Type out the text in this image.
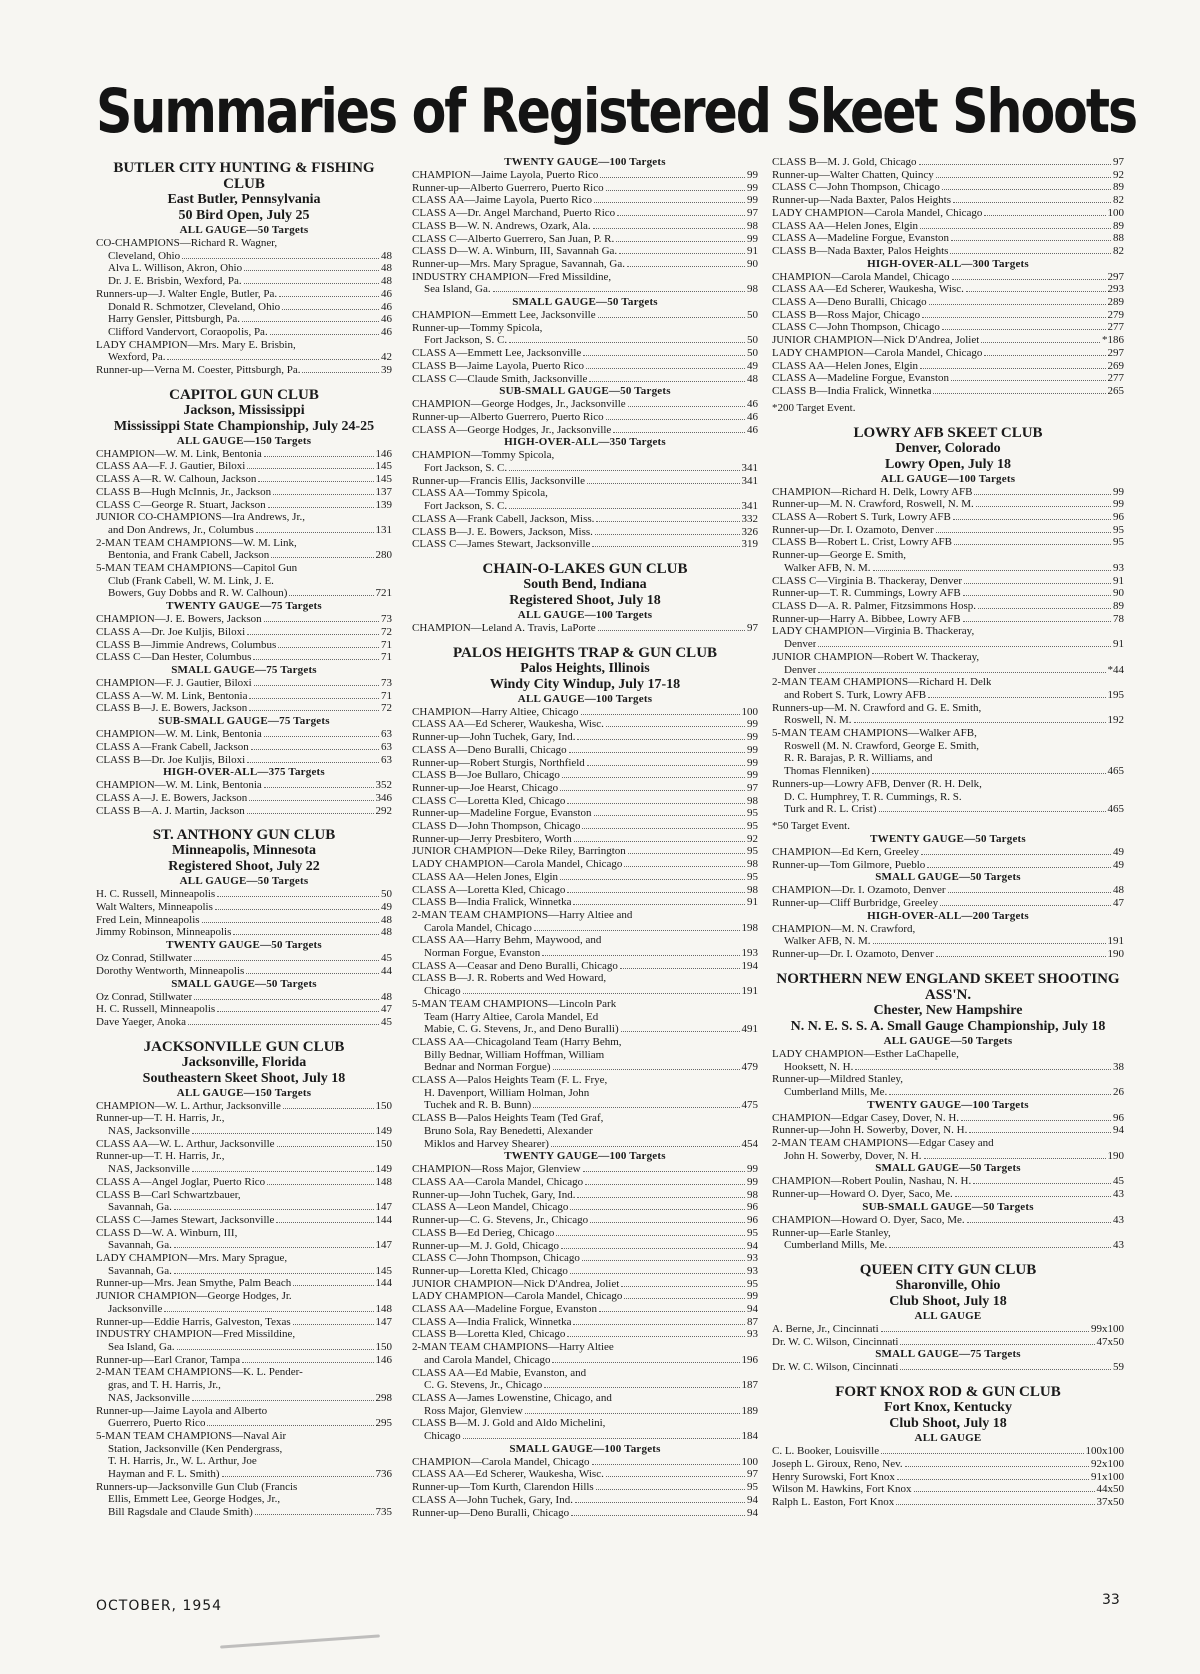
Summaries of Registered Skeet Shoots
BUTLER CITY HUNTING & FISHING CLUB
East Butler, Pennsylvania
50 Bird Open, July 25
ALL GAUGE—50 Targets
CO-CHAMPIONS—Richard R. Wagner,
Cleveland, Ohio	48
Alva L. Willison, Akron, Ohio	48
Dr. J. E. Brisbin, Wexford, Pa.	48
Runners-up—J. Walter Engle, Butler, Pa.	46
Donald R. Schmotzer, Cleveland, Ohio	46
Harry Gensler, Pittsburgh, Pa.	46
Clifford Vandervort, Coraopolis, Pa.	46
LADY CHAMPION—Mrs. Mary E. Brisbin,
Wexford, Pa.	42
Runner-up—Verna M. Coester, Pittsburgh, Pa.	39
CAPITOL GUN CLUB
Jackson, Mississippi
Mississippi State Championship, July 24-25
ALL GAUGE—150 Targets
CHAMPION—W. M. Link, Bentonia	146
CLASS AA—F. J. Gautier, Biloxi	145
CLASS A—R. W. Calhoun, Jackson	145
CLASS B—Hugh McInnis, Jr., Jackson	137
CLASS C—George R. Stuart, Jackson	139
JUNIOR CO-CHAMPIONS—Ira Andrews, Jr.,
and Don Andrews, Jr., Columbus	131
2-MAN TEAM CHAMPIONS—W. M. Link,
Bentonia, and Frank Cabell, Jackson	280
5-MAN TEAM CHAMPIONS—Capitol Gun
Club (Frank Cabell, W. M. Link, J. E.
Bowers, Guy Dobbs and R. W. Calhoun)	721
TWENTY GAUGE—75 Targets
CHAMPION—J. E. Bowers, Jackson	73
CLASS A—Dr. Joe Kuljis, Biloxi	72
CLASS B—Jimmie Andrews, Columbus	71
CLASS C—Dan Hester, Columbus	71
SMALL GAUGE—75 Targets
CHAMPION—F. J. Gautier, Biloxi	73
CLASS A—W. M. Link, Bentonia	71
CLASS B—J. E. Bowers, Jackson	72
SUB-SMALL GAUGE—75 Targets
CHAMPION—W. M. Link, Bentonia	63
CLASS A—Frank Cabell, Jackson	63
CLASS B—Dr. Joe Kuljis, Biloxi	63
HIGH-OVER-ALL—375 Targets
CHAMPION—W. M. Link, Bentonia	352
CLASS A—J. E. Bowers, Jackson	346
CLASS B—A. J. Martin, Jackson	292
ST. ANTHONY GUN CLUB
Minneapolis, Minnesota
Registered Shoot, July 22
ALL GAUGE—50 Targets
H. C. Russell, Minneapolis	50
Walt Walters, Minneapolis	49
Fred Lein, Minneapolis	48
Jimmy Robinson, Minneapolis	48
TWENTY GAUGE—50 Targets
Oz Conrad, Stillwater	45
Dorothy Wentworth, Minneapolis	44
SMALL GAUGE—50 Targets
Oz Conrad, Stillwater	48
H. C. Russell, Minneapolis	47
Dave Yaeger, Anoka	45
JACKSONVILLE GUN CLUB
Jacksonville, Florida
Southeastern Skeet Shoot, July 18
ALL GAUGE—150 Targets
CHAMPION—W. L. Arthur, Jacksonville	150
Runner-up—T. H. Harris, Jr.,
NAS, Jacksonville	149
CLASS AA—W. L. Arthur, Jacksonville	150
Runner-up—T. H. Harris, Jr.,
NAS, Jacksonville	149
CLASS A—Angel Joglar, Puerto Rico	148
CLASS B—Carl Schwartzbauer,
Savannah, Ga.	147
CLASS C—James Stewart, Jacksonville	144
CLASS D—W. A. Winburn, III,
Savannah, Ga.	147
LADY CHAMPION—Mrs. Mary Sprague,
Savannah, Ga.	145
Runner-up—Mrs. Jean Smythe, Palm Beach	144
JUNIOR CHAMPION—George Hodges, Jr.
Jacksonville	148
Runner-up—Eddie Harris, Galveston, Texas	147
INDUSTRY CHAMPION—Fred Missildine,
Sea Island, Ga.	150
Runner-up—Earl Cranor, Tampa	146
2-MAN TEAM CHAMPIONS—K. L. Pender-
gras, and T. H. Harris, Jr.,
NAS, Jacksonville	298
Runner-up—Jaime Layola and Alberto
Guerrero, Puerto Rico	295
5-MAN TEAM CHAMPIONS—Naval Air
Station, Jacksonville (Ken Pendergrass,
T. H. Harris, Jr., W. L. Arthur, Joe
Hayman and F. L. Smith)	736
Runners-up—Jacksonville Gun Club (Francis
Ellis, Emmett Lee, George Hodges, Jr.,
Bill Ragsdale and Claude Smith)	735
TWENTY GAUGE—100 Targets
CHAMPION—Jaime Layola, Puerto Rico	99
Runner-up—Alberto Guerrero, Puerto Rico	99
CLASS AA—Jaime Layola, Puerto Rico	99
CLASS A—Dr. Angel Marchand, Puerto Rico	97
CLASS B—W. N. Andrews, Ozark, Ala.	98
CLASS C—Alberto Guerrero, San Juan, P. R.	99
CLASS D—W. A. Winburn, III, Savannah Ga.	91
Runner-up—Mrs. Mary Sprague, Savannah, Ga.	90
INDUSTRY CHAMPION—Fred Missildine,
Sea Island, Ga.	98
SMALL GAUGE—50 Targets
CHAMPION—Emmett Lee, Jacksonville	50
Runner-up—Tommy Spicola,
Fort Jackson, S. C.	50
CLASS A—Emmett Lee, Jacksonville	50
CLASS B—Jaime Layola, Puerto Rico	49
CLASS C—Claude Smith, Jacksonville	48
SUB-SMALL GAUGE—50 Targets
CHAMPION—George Hodges, Jr., Jacksonville	46
Runner-up—Alberto Guerrero, Puerto Rico	46
CLASS A—George Hodges, Jr., Jacksonville	46
HIGH-OVER-ALL—350 Targets
CHAMPION—Tommy Spicola,
Fort Jackson, S. C.	341
Runner-up—Francis Ellis, Jacksonville	341
CLASS AA—Tommy Spicola,
Fort Jackson, S. C.	341
CLASS A—Frank Cabell, Jackson, Miss.	332
CLASS B—J. E. Bowers, Jackson, Miss.	326
CLASS C—James Stewart, Jacksonville	319
CHAIN-O-LAKES GUN CLUB
South Bend, Indiana
Registered Shoot, July 18
ALL GAUGE—100 Targets
CHAMPION—Leland A. Travis, LaPorte	97
PALOS HEIGHTS TRAP & GUN CLUB
Palos Heights, Illinois
Windy City Windup, July 17-18
ALL GAUGE—100 Targets
CHAMPION—Harry Altiee, Chicago	100
CLASS AA—Ed Scherer, Waukesha, Wisc.	99
Runner-up—John Tuchek, Gary, Ind.	99
CLASS A—Deno Buralli, Chicago	99
Runner-up—Robert Sturgis, Northfield	99
CLASS B—Joe Bullaro, Chicago	99
Runner-up—Joe Hearst, Chicago	97
CLASS C—Loretta Kled, Chicago	98
Runner-up—Madeline Forgue, Evanston	95
CLASS D—John Thompson, Chicago	95
Runner-up—Jerry Presbitero, Worth	92
JUNIOR CHAMPION—Deke Riley, Barrington	95
LADY CHAMPION—Carola Mandel, Chicago	98
CLASS AA—Helen Jones, Elgin	95
CLASS A—Loretta Kled, Chicago	98
CLASS B—India Fralick, Winnetka	91
2-MAN TEAM CHAMPIONS—Harry Altiee and
Carola Mandel, Chicago	198
CLASS AA—Harry Behm, Maywood, and
Norman Forgue, Evanston	193
CLASS A—Ceasar and Deno Buralli, Chicago	194
CLASS B—J. R. Roberts and Wed Howard,
Chicago	191
5-MAN TEAM CHAMPIONS—Lincoln Park
Team (Harry Altiee, Carola Mandel, Ed
Mabie, C. G. Stevens, Jr., and Deno Buralli)	491
CLASS AA—Chicagoland Team (Harry Behm,
Billy Bednar, William Hoffman, William
Bednar and Norman Forgue)	479
CLASS A—Palos Heights Team (F. L. Frye,
H. Davenport, William Holman, John
Tuchek and R. B. Bunn)	475
CLASS B—Palos Heights Team (Ted Graf,
Bruno Sola, Ray Benedetti, Alexander
Miklos and Harvey Shearer)	454
TWENTY GAUGE—100 Targets
CHAMPION—Ross Major, Glenview	99
CLASS AA—Carola Mandel, Chicago	99
Runner-up—John Tuchek, Gary, Ind.	98
CLASS A—Leon Mandel, Chicago	96
Runner-up—C. G. Stevens, Jr., Chicago	96
CLASS B—Ed Derieg, Chicago	95
Runner-up—M. J. Gold, Chicago	94
CLASS C—John Thompson, Chicago	93
Runner-up—Loretta Kled, Chicago	93
JUNIOR CHAMPION—Nick D'Andrea, Joliet	95
LADY CHAMPION—Carola Mandel, Chicago	99
CLASS AA—Madeline Forgue, Evanston	94
CLASS A—India Fralick, Winnetka	87
CLASS B—Loretta Kled, Chicago	93
2-MAN TEAM CHAMPIONS—Harry Altiee
and Carola Mandel, Chicago	196
CLASS AA—Ed Mabie, Evanston, and
C. G. Stevens, Jr., Chicago	187
CLASS A—James Lowenstine, Chicago, and
Ross Major, Glenview	189
CLASS B—M. J. Gold and Aldo Michelini,
Chicago	184
SMALL GAUGE—100 Targets
CHAMPION—Carola Mandel, Chicago	100
CLASS AA—Ed Scherer, Waukesha, Wisc.	97
Runner-up—Tom Kurth, Clarendon Hills	95
CLASS A—John Tuchek, Gary, Ind.	94
Runner-up—Deno Buralli, Chicago	94
CLASS B—M. J. Gold, Chicago	97
Runner-up—Walter Chatten, Quincy	92
CLASS C—John Thompson, Chicago	89
Runner-up—Nada Baxter, Palos Heights	82
LADY CHAMPION—Carola Mandel, Chicago	100
CLASS AA—Helen Jones, Elgin	89
CLASS A—Madeline Forgue, Evanston	88
CLASS B—Nada Baxter, Palos Heights	82
HIGH-OVER-ALL—300 Targets
CHAMPION—Carola Mandel, Chicago	297
CLASS AA—Ed Scherer, Waukesha, Wisc.	293
CLASS A—Deno Buralli, Chicago	289
CLASS B—Ross Major, Chicago	279
CLASS C—John Thompson, Chicago	277
JUNIOR CHAMPION—Nick D'Andrea, Joliet	*186
LADY CHAMPION—Carola Mandel, Chicago	297
CLASS AA—Helen Jones, Elgin	269
CLASS A—Madeline Forgue, Evanston	277
CLASS B—India Fralick, Winnetka	265
*200 Target Event.
LOWRY AFB SKEET CLUB
Denver, Colorado
Lowry Open, July 18
ALL GAUGE—100 Targets
CHAMPION—Richard H. Delk, Lowry AFB	99
Runner-up—M. N. Crawford, Roswell, N. M.	99
CLASS A—Robert S. Turk, Lowry AFB	96
Runner-up—Dr. I. Ozamoto, Denver	95
CLASS B—Robert L. Crist, Lowry AFB	95
Runner-up—George E. Smith,
Walker AFB, N. M.	93
CLASS C—Virginia B. Thackeray, Denver	91
Runner-up—T. R. Cummings, Lowry AFB	90
CLASS D—A. R. Palmer, Fitzsimmons Hosp.	89
Runner-up—Harry A. Bibbee, Lowry AFB	78
LADY CHAMPION—Virginia B. Thackeray,
Denver	91
JUNIOR CHAMPION—Robert W. Thackeray,
Denver	*44
2-MAN TEAM CHAMPIONS—Richard H. Delk
and Robert S. Turk, Lowry AFB	195
Runners-up—M. N. Crawford and G. E. Smith,
Roswell, N. M.	192
5-MAN TEAM CHAMPIONS—Walker AFB,
Roswell (M. N. Crawford, George E. Smith,
R. R. Barajas, P. R. Williams, and
Thomas Flenniken)	465
Runners-up—Lowry AFB, Denver (R. H. Delk,
D. C. Humphrey, T. R. Cummings, R. S.
Turk and R. L. Crist)	465
*50 Target Event.
TWENTY GAUGE—50 Targets
CHAMPION—Ed Kern, Greeley	49
Runner-up—Tom Gilmore, Pueblo	49
SMALL GAUGE—50 Targets
CHAMPION—Dr. I. Ozamoto, Denver	48
Runner-up—Cliff Burbridge, Greeley	47
HIGH-OVER-ALL—200 Targets
CHAMPION—M. N. Crawford,
Walker AFB, N. M.	191
Runner-up—Dr. I. Ozamoto, Denver	190
NORTHERN NEW ENGLAND SKEET SHOOTING ASS'N.
Chester, New Hampshire
N. N. E. S. S. A. Small Gauge Championship, July 18
ALL GAUGE—50 Targets
LADY CHAMPION—Esther LaChapelle,
Hooksett, N. H.	38
Runner-up—Mildred Stanley,
Cumberland Mills, Me.	26
TWENTY GAUGE—100 Targets
CHAMPION—Edgar Casey, Dover, N. H.	96
Runner-up—John H. Sowerby, Dover, N. H.	94
2-MAN TEAM CHAMPIONS—Edgar Casey and
John H. Sowerby, Dover, N. H.	190
SMALL GAUGE—50 Targets
CHAMPION—Robert Poulin, Nashau, N. H.	45
Runner-up—Howard O. Dyer, Saco, Me.	43
SUB-SMALL GAUGE—50 Targets
CHAMPION—Howard O. Dyer, Saco, Me.	43
Runner-up—Earle Stanley,
Cumberland Mills, Me.	43
QUEEN CITY GUN CLUB
Sharonville, Ohio
Club Shoot, July 18
ALL GAUGE
A. Berne, Jr., Cincinnati	99x100
Dr. W. C. Wilson, Cincinnati	47x50
SMALL GAUGE—75 Targets
Dr. W. C. Wilson, Cincinnati	59
FORT KNOX ROD & GUN CLUB
Fort Knox, Kentucky
Club Shoot, July 18
ALL GAUGE
C. L. Booker, Louisville	100x100
Joseph L. Giroux, Reno, Nev.	92x100
Henry Surowski, Fort Knox	91x100
Wilson M. Hawkins, Fort Knox	44x50
Ralph L. Easton, Fort Knox	37x50
OCTOBER, 1954	33
